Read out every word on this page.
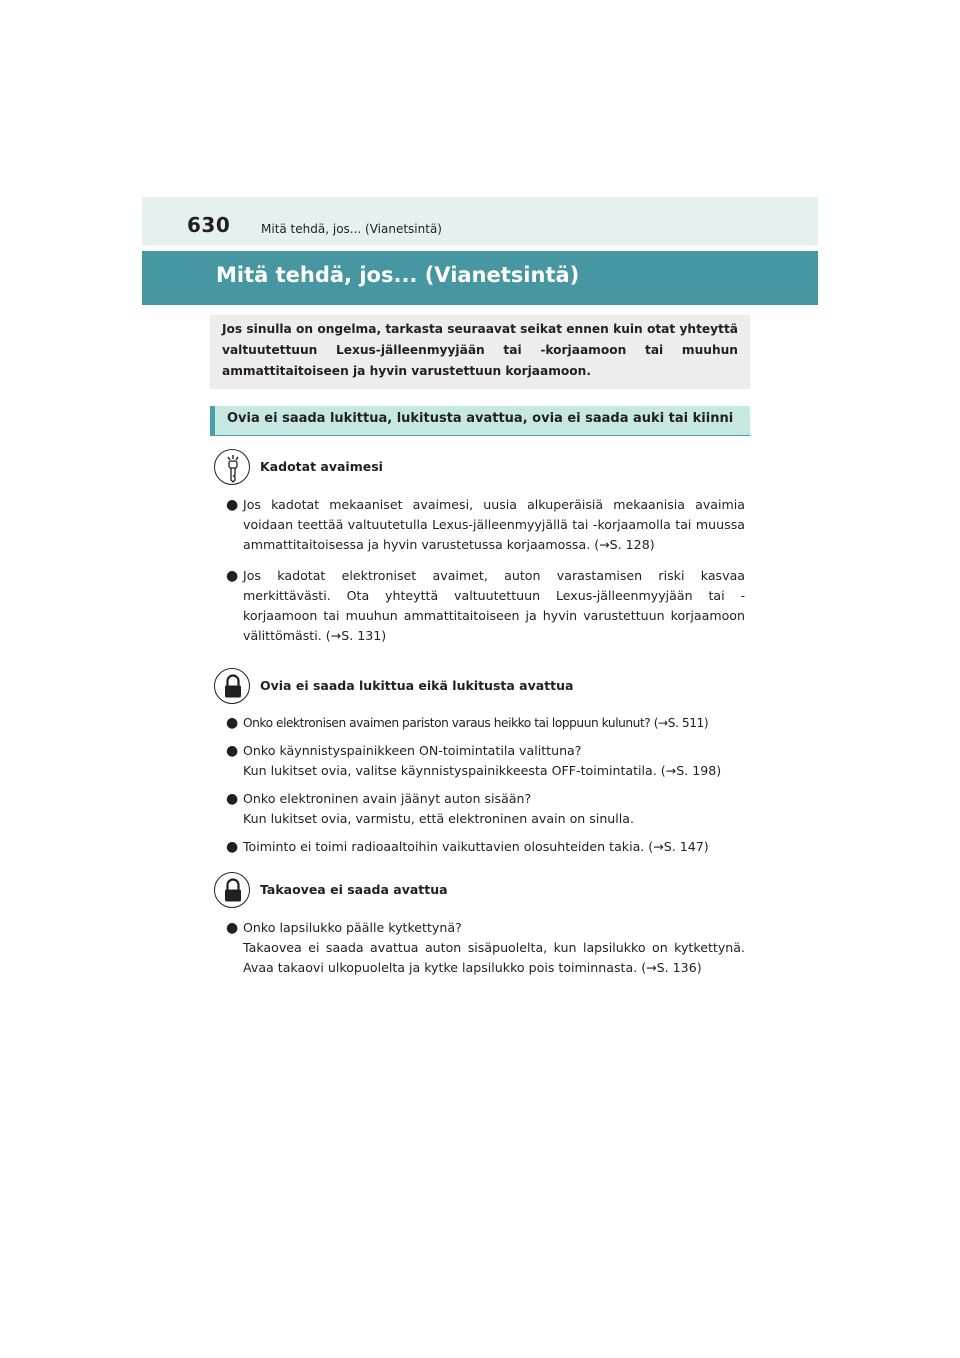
630	Mitä tehdä, jos... (Vianetsintä)
Mitä tehdä, jos... (Vianetsintä)
Jos sinulla on ongelma, tarkasta seuraavat seikat ennen kuin otat yhteyttä valtuutettuun Lexus-jälleenmyyjään tai -korjaamoon tai muuhun ammattitaitoiseen ja hyvin varustettuun korjaamoon.
Ovia ei saada lukittua, lukitusta avattua, ovia ei saada auki tai kiinni
Kadotat avaimesi
● Jos kadotat mekaaniset avaimesi, uusia alkuperäisiä mekaanisia avaimia voidaan teettää valtuutetulla Lexus-jälleenmyyjällä tai -korjaamolla tai muussa ammattitaitoisessa ja hyvin varustetussa korjaamossa. (→S. 128)

● Jos kadotat elektroniset avaimet, auton varastamisen riski kasvaa merkittävästi. Ota yhteyttä valtuutettuun Lexus-jälleenmyyjään tai -korjaamoon tai muuhun ammattitaitoiseen ja hyvin varustettuun korjaamoon välittömästi. (→S. 131)

Ovia ei saada lukittua eikä lukitusta avattua
● Onko elektronisen avaimen pariston varaus heikko tai loppuun kulunut? (→S. 511)

● Onko käynnistyspainikkeen ON-toimintatila valittuna?

Kun lukitset ovia, valitse käynnistyspainikkeesta OFF-toimintatila. (→S. 198)

● Onko elektroninen avain jäänyt auton sisään?

Kun lukitset ovia, varmistu, että elektroninen avain on sinulla.

● Toiminto ei toimi radioaaltoihin vaikuttavien olosuhteiden takia. (→S. 147)

Takaovea ei saada avattua
● Onko lapsilukko päälle kytkettynä?

Takaovea ei saada avattua auton sisäpuolelta, kun lapsilukko on kytkettynä. Avaa takaovi ulkopuolelta ja kytke lapsilukko pois toiminnasta. (→S. 136)
